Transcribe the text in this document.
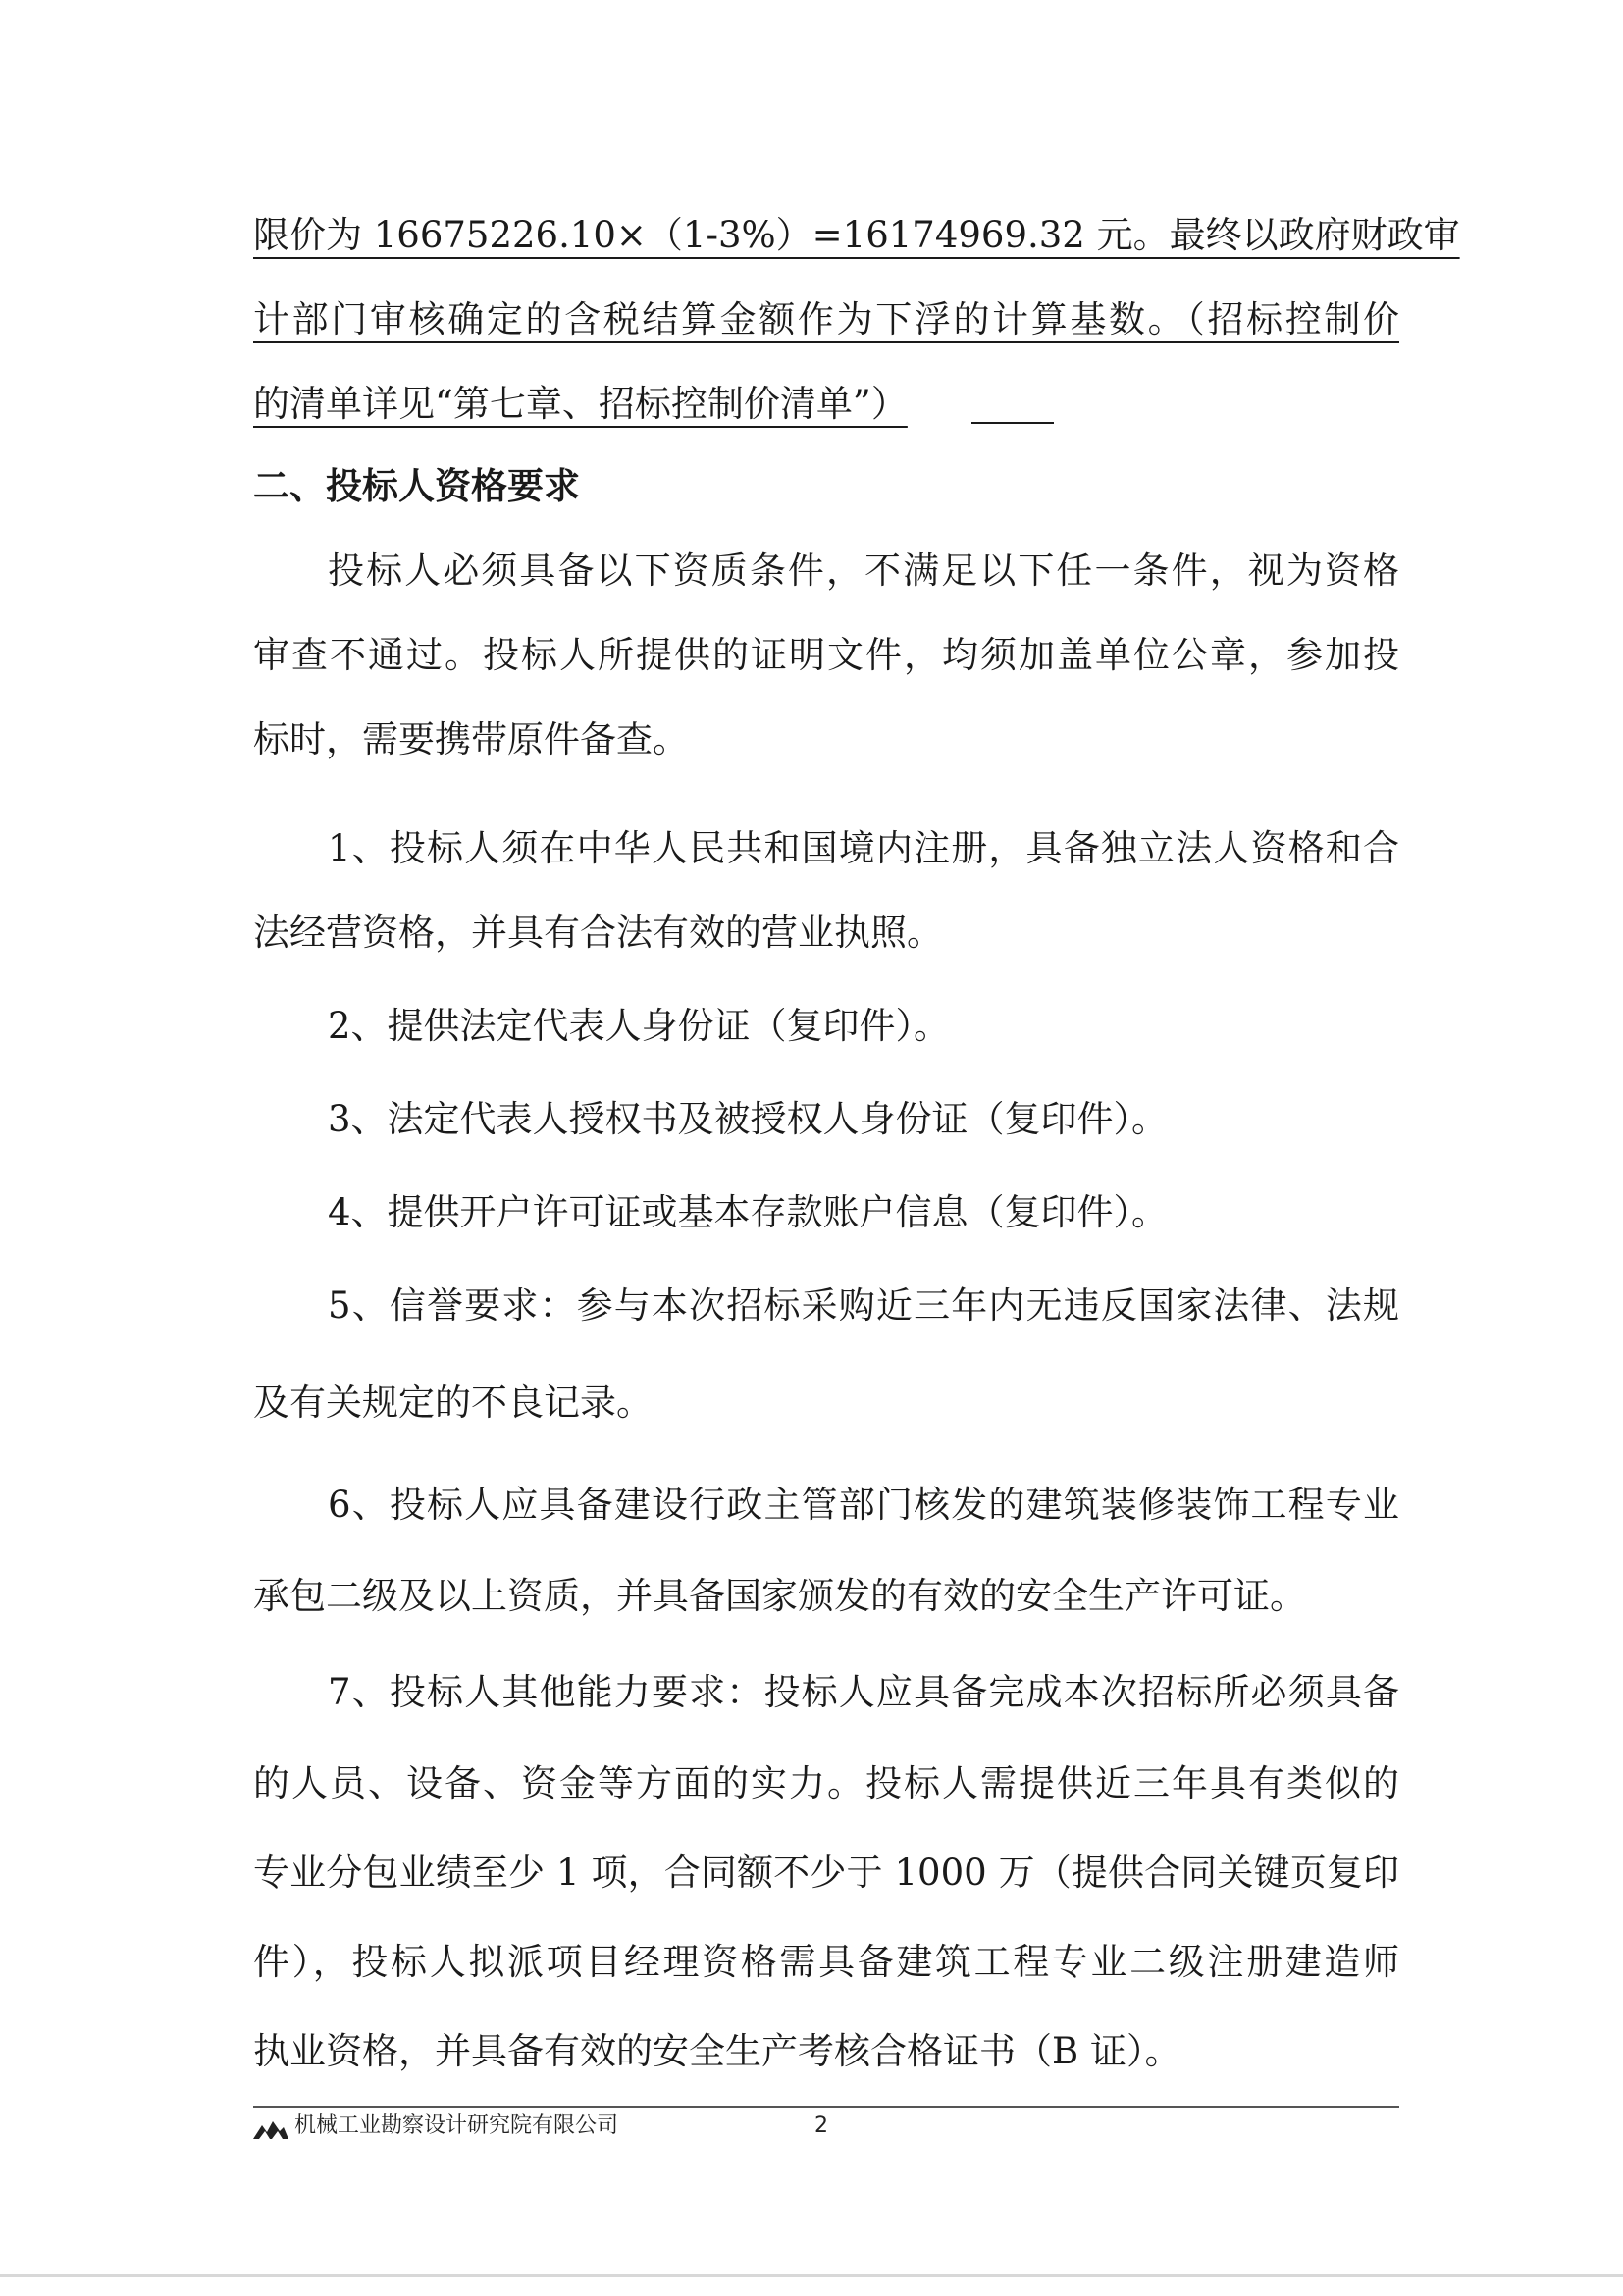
限价为 16675226.10×（1-3%）=16174969.32 元。最终以政府财政审
计部门审核确定的含税结算金额作为下浮的计算基数。（招标控制价
的清单详见“第七章、招标控制价清单”）
二、投标人资格要求
投标人必须具备以下资质条件，不满足以下任一条件，视为资格
审查不通过。投标人所提供的证明文件，均须加盖单位公章，参加投
标时，需要携带原件备查。
1、投标人须在中华人民共和国境内注册，具备独立法人资格和合
法经营资格，并具有合法有效的营业执照。
2、提供法定代表人身份证（复印件）。
3、法定代表人授权书及被授权人身份证（复印件）。
4、提供开户许可证或基本存款账户信息（复印件）。
5、信誉要求：参与本次招标采购近三年内无违反国家法律、法规
及有关规定的不良记录。
6、投标人应具备建设行政主管部门核发的建筑装修装饰工程专业
承包二级及以上资质，并具备国家颁发的有效的安全生产许可证。
7、投标人其他能力要求：投标人应具备完成本次招标所必须具备
的人员、设备、资金等方面的实力。投标人需提供近三年具有类似的
专业分包业绩至少 1 项，合同额不少于 1000 万（提供合同关键页复印
件），投标人拟派项目经理资格需具备建筑工程专业二级注册建造师
执业资格，并具备有效的安全生产考核合格证书（B 证）。
机械工业勘察设计研究院有限公司	2
